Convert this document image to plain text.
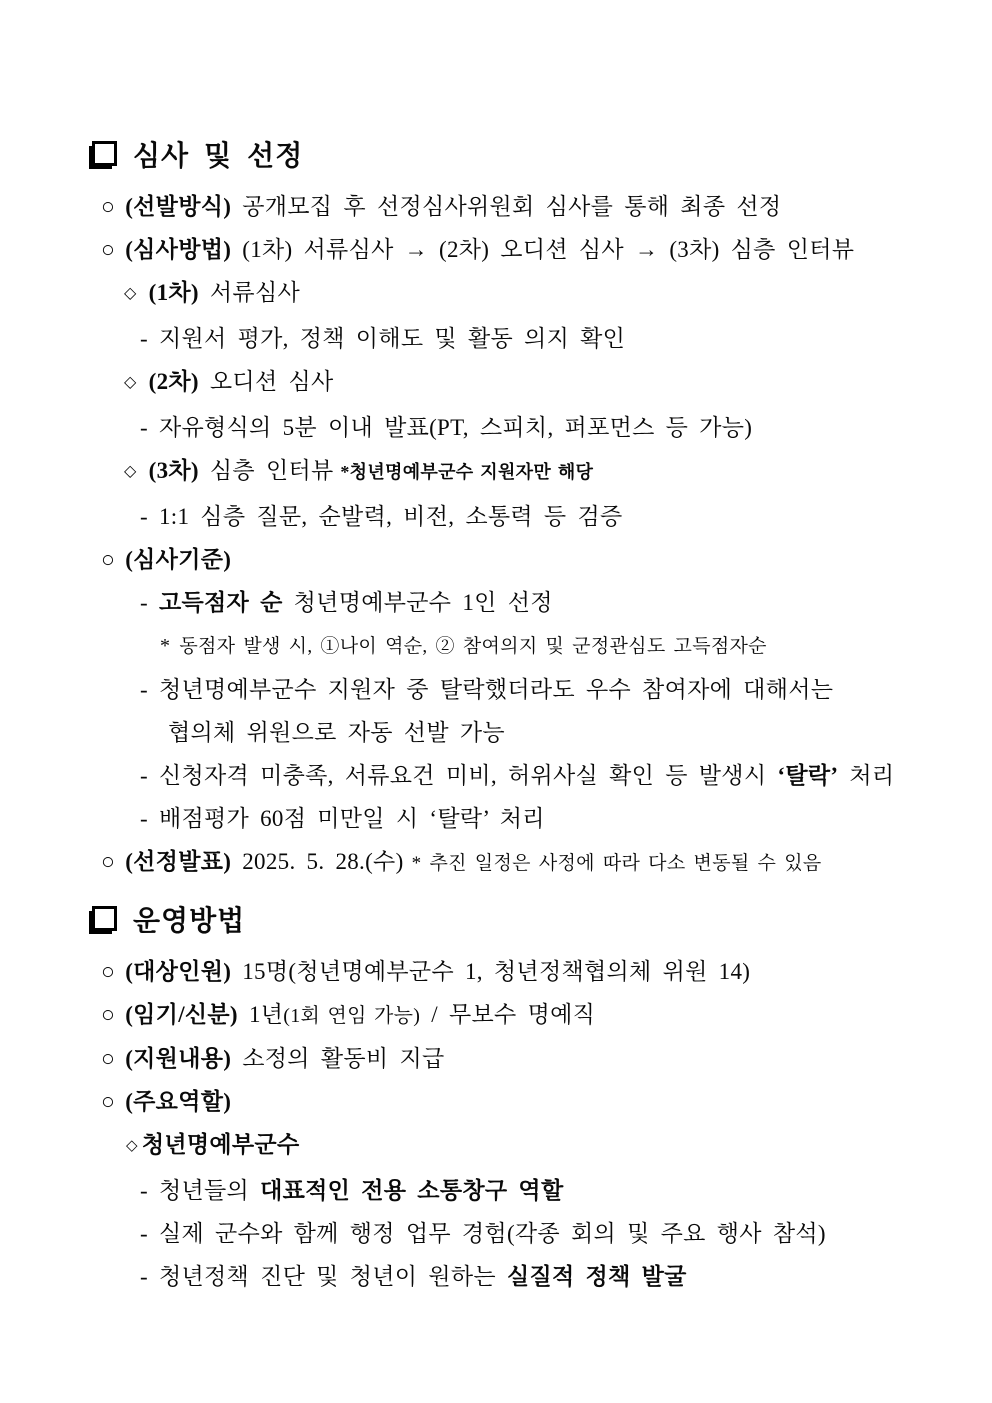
심사 및 선정
○ (선발방식) 공개모집 후 선정심사위원회 심사를 통해 최종 선정
○ (심사방법) (1차) 서류심사 → (2차) 오디션 심사 → (3차) 심층 인터뷰
◇ (1차) 서류심사
- 지원서 평가, 정책 이해도 및 활동 의지 확인
◇ (2차) 오디션 심사
- 자유형식의 5분 이내 발표(PT, 스피치, 퍼포먼스 등 가능)
◇ (3차) 심층 인터뷰 *청년명예부군수 지원자만 해당
- 1:1 심층 질문, 순발력, 비전, 소통력 등 검증
○ (심사기준)
- 고득점자 순 청년명예부군수 1인 선정
* 동점자 발생 시, ①나이 역순, ② 참여의지 및 군정관심도 고득점자순
- 청년명예부군수 지원자 중 탈락했더라도 우수 참여자에 대해서는
협의체 위원으로 자동 선발 가능
- 신청자격 미충족, 서류요건 미비, 허위사실 확인 등 발생시 ‘탈락’ 처리
- 배점평가 60점 미만일 시 ‘탈락’ 처리
○ (선정발표) 2025. 5. 28.(수) * 추진 일정은 사정에 따라 다소 변동될 수 있음
운영방법
○ (대상인원) 15명(청년명예부군수 1, 청년정책협의체 위원 14)
○ (임기/신분) 1년(1회 연임 가능) / 무보수 명예직
○ (지원내용) 소정의 활동비 지급
○ (주요역할)
◇ 청년명예부군수
- 청년들의 대표적인 전용 소통창구 역할
- 실제 군수와 함께 행정 업무 경험(각종 회의 및 주요 행사 참석)
- 청년정책 진단 및 청년이 원하는 실질적 정책 발굴
